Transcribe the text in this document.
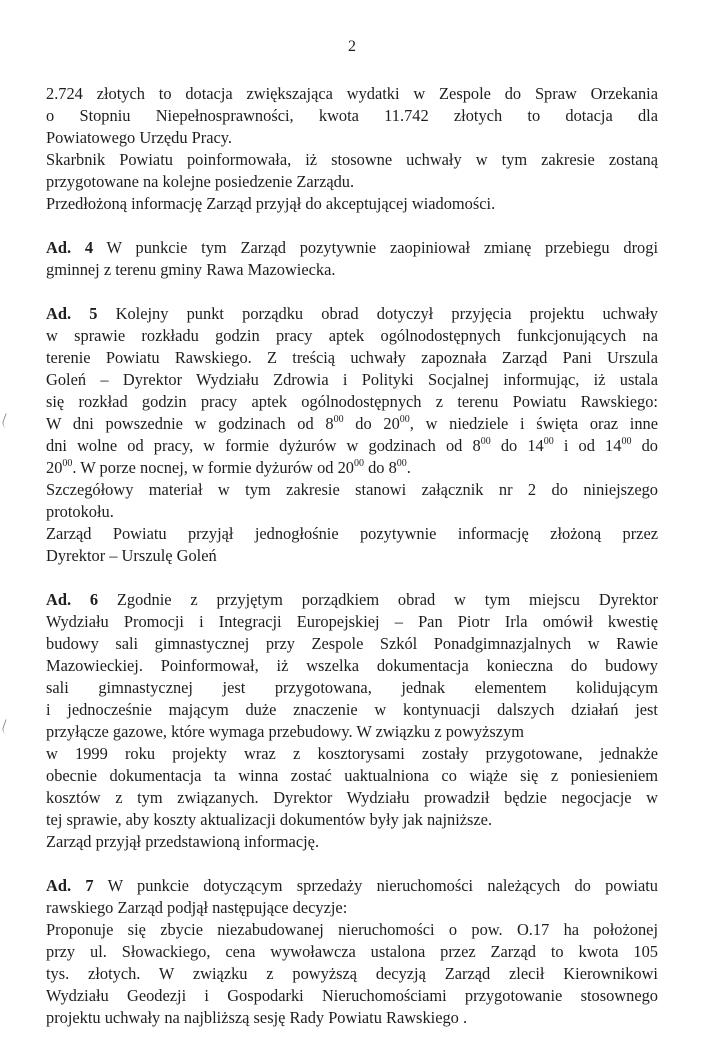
2
2.724 złotych to dotacja zwiększająca wydatki w Zespole do Spraw Orzekania
o Stopniu Niepełnosprawności, kwota 11.742 złotych to dotacja dla
Powiatowego Urzędu Pracy.
Skarbnik Powiatu poinformowała, iż stosowne uchwały w tym zakresie zostaną
przygotowane na kolejne posiedzenie Zarządu.
Przedłożoną informację Zarząd przyjął do akceptującej wiadomości.
Ad. 4 W punkcie tym Zarząd pozytywnie zaopiniował zmianę przebiegu drogi
gminnej z terenu gminy Rawa Mazowiecka.
Ad. 5 Kolejny punkt porządku obrad dotyczył przyjęcia projektu uchwały
w sprawie rozkładu godzin pracy aptek ogólnodostępnych funkcjonujących na
terenie Powiatu Rawskiego. Z treścią uchwały zapoznała Zarząd Pani Urszula
Goleń – Dyrektor Wydziału Zdrowia i Polityki Socjalnej informując, iż ustala
się rozkład godzin pracy aptek ogólnodostępnych z terenu Powiatu Rawskiego:
W dni powszednie w godzinach od $8^{00}$ do $20^{00}$, w niedziele i święta oraz inne
dni wolne od pracy, w formie dyżurów w godzinach od $8^{00}$ do $14^{00}$ i od $14^{00}$ do
$20^{00}$. W porze nocnej, w formie dyżurów od $20^{00}$ do $8^{00}$.
Szczegółowy materiał w tym zakresie stanowi załącznik nr 2 do niniejszego
protokołu.
Zarząd Powiatu przyjął jednogłośnie pozytywnie informację złożoną przez
Dyrektor – Urszulę Goleń
Ad. 6 Zgodnie z przyjętym porządkiem obrad w tym miejscu Dyrektor
Wydziału Promocji i Integracji Europejskiej – Pan Piotr Irla omówił kwestię
budowy sali gimnastycznej przy Zespole Szkól Ponadgimnazjalnych w Rawie
Mazowieckiej. Poinformował, iż wszelka dokumentacja konieczna do budowy
sali gimnastycznej jest przygotowana, jednak elementem kolidującym
i jednocześnie mającym duże znaczenie w kontynuacji dalszych działań jest
przyłącze gazowe, które wymaga przebudowy. W związku z powyższym
w 1999 roku projekty wraz z kosztorysami zostały przygotowane, jednakże
obecnie dokumentacja ta winna zostać uaktualniona co wiąże się z poniesieniem
kosztów z tym związanych. Dyrektor Wydziału prowadził będzie negocjacje w
tej sprawie, aby koszty aktualizacji dokumentów były jak najniższe.
Zarząd przyjął przedstawioną informację.
Ad. 7 W punkcie dotyczącym sprzedaży nieruchomości należących do powiatu
rawskiego Zarząd podjął następujące decyzje:
Proponuje się zbycie niezabudowanej nieruchomości o pow. O.17 ha położonej
przy ul. Słowackiego, cena wywoławcza ustalona przez Zarząd to kwota 105
tys. złotych. W związku z powyższą decyzją Zarząd zlecił Kierownikowi
Wydziału Geodezji i Gospodarki Nieruchomościami przygotowanie stosownego
projektu uchwały na najbliższą sesję Rady Powiatu Rawskiego .
